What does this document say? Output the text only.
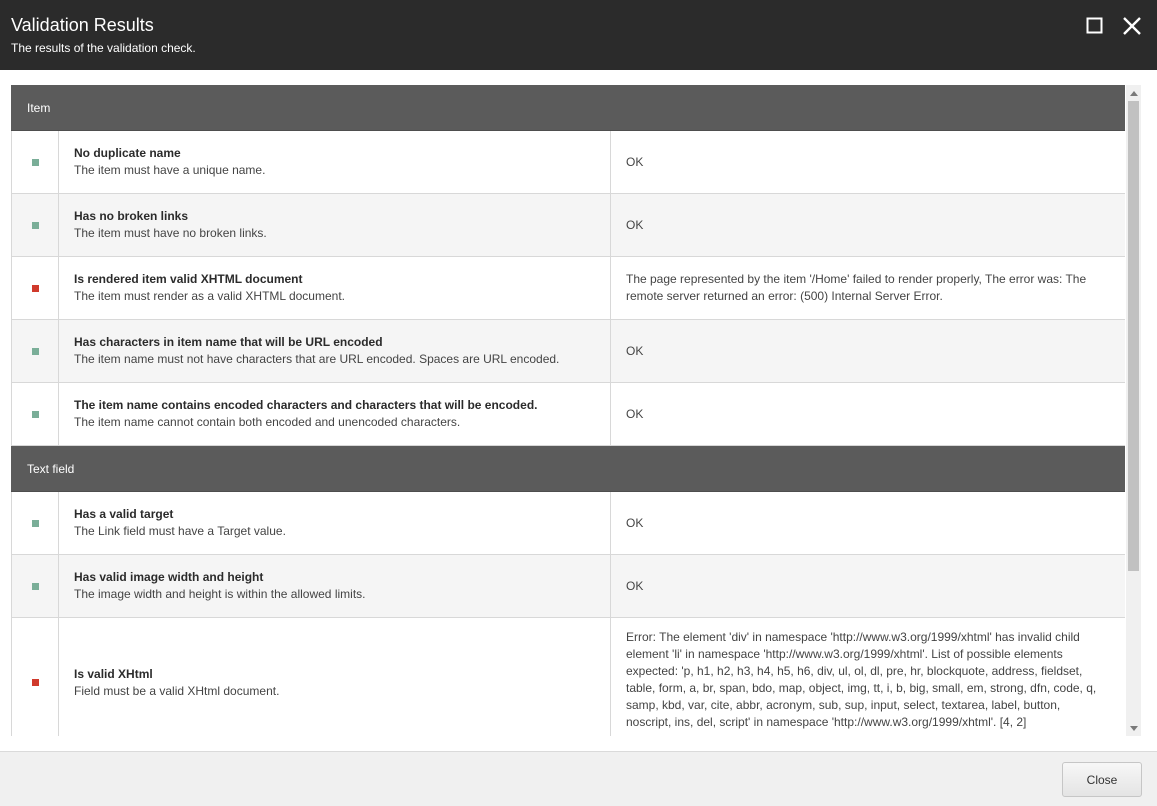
Validation Results
The results of the validation check.
Item
No duplicate name
The item must have a unique name.
OK
Has no broken links
The item must have no broken links.
OK
Is rendered item valid XHTML document
The item must render as a valid XHTML document.
The page represented by the item '/Home' failed to render properly, The error was: The
remote server returned an error: (500) Internal Server Error.
Has characters in item name that will be URL encoded
The item name must not have characters that are URL encoded. Spaces are URL encoded.
OK
The item name contains encoded characters and characters that will be encoded.
The item name cannot contain both encoded and unencoded characters.
OK
Text field
Has a valid target
The Link field must have a Target value.
OK
Has valid image width and height
The image width and height is within the allowed limits.
OK
Is valid XHtml
Field must be a valid XHtml document.
Error: The element 'div' in namespace 'http://www.w3.org/1999/xhtml' has invalid child
element 'li' in namespace 'http://www.w3.org/1999/xhtml'. List of possible elements
expected: 'p, h1, h2, h3, h4, h5, h6, div, ul, ol, dl, pre, hr, blockquote, address, fieldset,
table, form, a, br, span, bdo, map, object, img, tt, i, b, big, small, em, strong, dfn, code, q,
samp, kbd, var, cite, abbr, acronym, sub, sup, input, select, textarea, label, button,
noscript, ins, del, script' in namespace 'http://www.w3.org/1999/xhtml'. [4, 2]
Close
